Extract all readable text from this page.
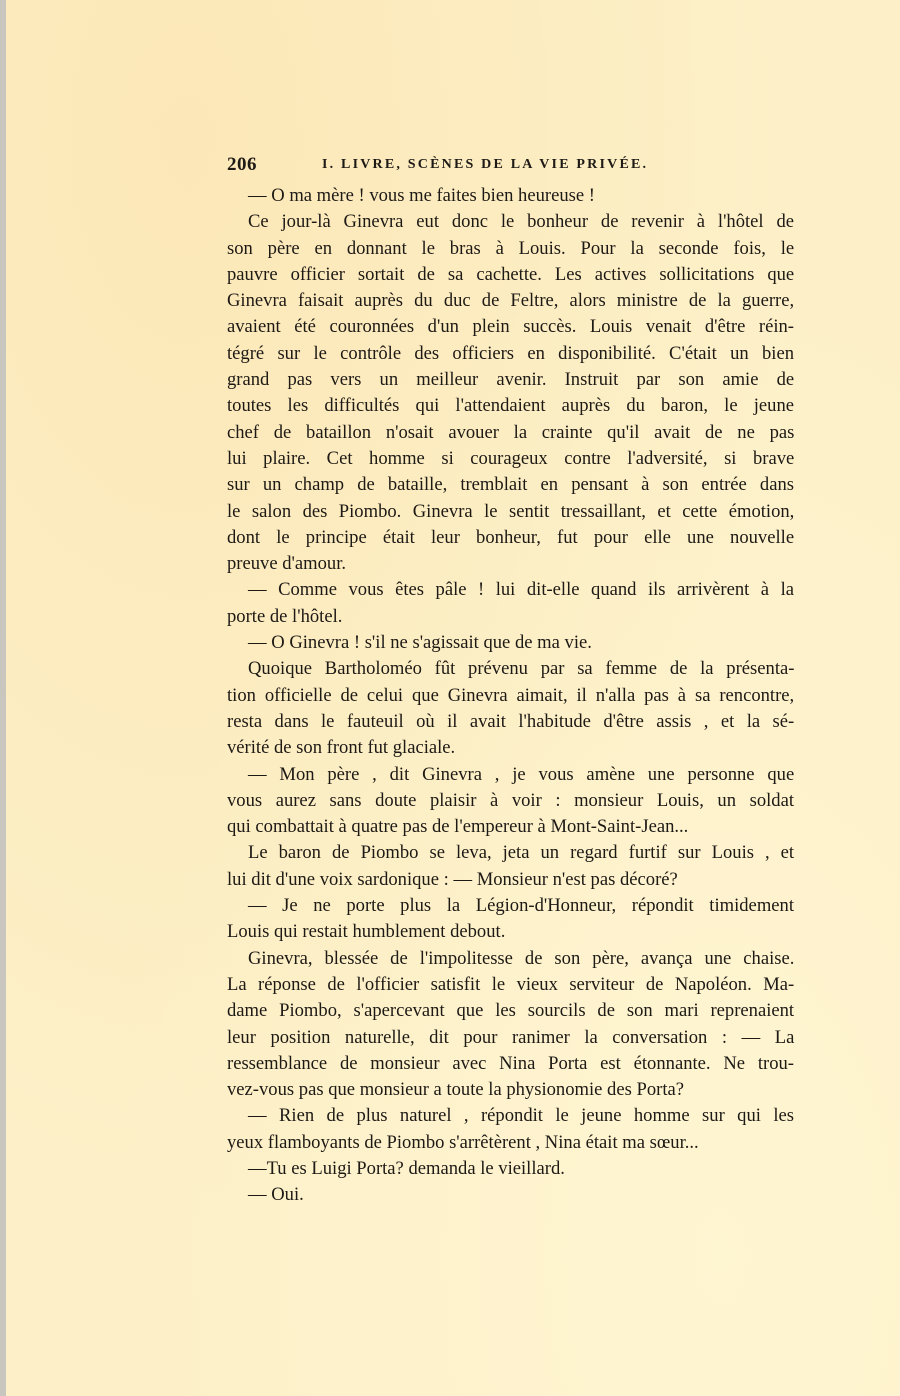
206	I. LIVRE, SCÈNES DE LA VIE PRIVÉE.
— O ma mère ! vous me faites bien heureuse !
Ce jour-là Ginevra eut donc le bonheur de revenir à l'hôtel de
son père en donnant le bras à Louis. Pour la seconde fois, le
pauvre officier sortait de sa cachette. Les actives sollicitations que
Ginevra faisait auprès du duc de Feltre, alors ministre de la guerre,
avaient été couronnées d'un plein succès. Louis venait d'être réin-
tégré sur le contrôle des officiers en disponibilité. C'était un bien
grand pas vers un meilleur avenir. Instruit par son amie de
toutes les difficultés qui l'attendaient auprès du baron, le jeune
chef de bataillon n'osait avouer la crainte qu'il avait de ne pas
lui plaire. Cet homme si courageux contre l'adversité, si brave
sur un champ de bataille, tremblait en pensant à son entrée dans
le salon des Piombo. Ginevra le sentit tressaillant, et cette émotion,
dont le principe était leur bonheur, fut pour elle une nouvelle
preuve d'amour.
— Comme vous êtes pâle ! lui dit-elle quand ils arrivèrent à la
porte de l'hôtel.
— O Ginevra ! s'il ne s'agissait que de ma vie.
Quoique Bartholoméo fût prévenu par sa femme de la présenta-
tion officielle de celui que Ginevra aimait, il n'alla pas à sa rencontre,
resta dans le fauteuil où il avait l'habitude d'être assis , et la sé-
vérité de son front fut glaciale.
— Mon père , dit Ginevra , je vous amène une personne que
vous aurez sans doute plaisir à voir : monsieur Louis, un soldat
qui combattait à quatre pas de l'empereur à Mont-Saint-Jean...
Le baron de Piombo se leva, jeta un regard furtif sur Louis , et
lui dit d'une voix sardonique : — Monsieur n'est pas décoré?
— Je ne porte plus la Légion-d'Honneur, répondit timidement
Louis qui restait humblement debout.
Ginevra, blessée de l'impolitesse de son père, avança une chaise.
La réponse de l'officier satisfit le vieux serviteur de Napoléon. Ma-
dame Piombo, s'apercevant que les sourcils de son mari reprenaient
leur position naturelle, dit pour ranimer la conversation : — La
ressemblance de monsieur avec Nina Porta est étonnante. Ne trou-
vez-vous pas que monsieur a toute la physionomie des Porta?
— Rien de plus naturel , répondit le jeune homme sur qui les
yeux flamboyants de Piombo s'arrêtèrent , Nina était ma sœur...
—Tu es Luigi Porta? demanda le vieillard.
— Oui.
